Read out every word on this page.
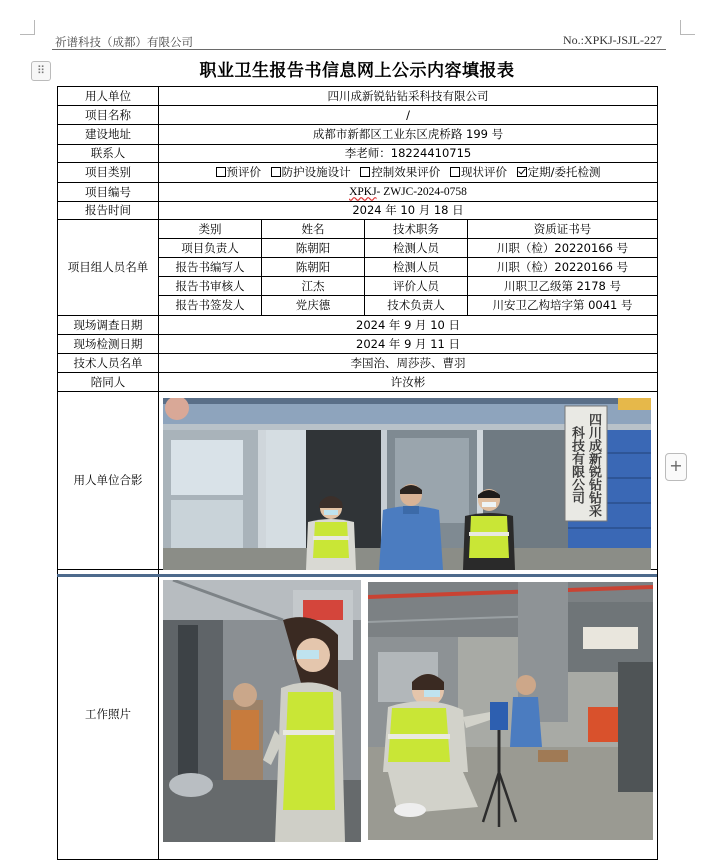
祈谱科技（成都）有限公司	No.:XPKJ-JSJL-227
⠿
+
职业卫生报告书信息网上公示内容填报表
用人单位	四川成新锐钻钻采科技有限公司			
项目名称	/			
建设地址	成都市新都区工业东区虎桥路 199 号			
联系人	李老师：18224410715			
项目类别	预评价 防护设施设计 控制效果评价 现状评价 定期/委托检测			
项目编号	XPKJ- ZWJC-2024-0758			
报告时间	2024 年 10 月 18 日			
项目组人员名单	类别	姓名	技术职务	资质证书号
	项目负责人	陈朝阳	检测人员	川职（检）20220166 号
	报告书编写人	陈朝阳	检测人员	川职（检）20220166 号
	报告书审核人	江杰	评价人员	川职卫乙级第 2178 号
	报告书签发人	党庆德	技术负责人	川安卫乙构培字第 0041 号
现场调查日期	2024 年 9 月 10 日			
现场检测日期	2024 年 9 月 11 日			
技术人员名单	李国治、周莎莎、曹羽			
陪同人	许汝彬			
用人单位合影				
工作照片				
四川成新锐钻钻采科技有限公司
